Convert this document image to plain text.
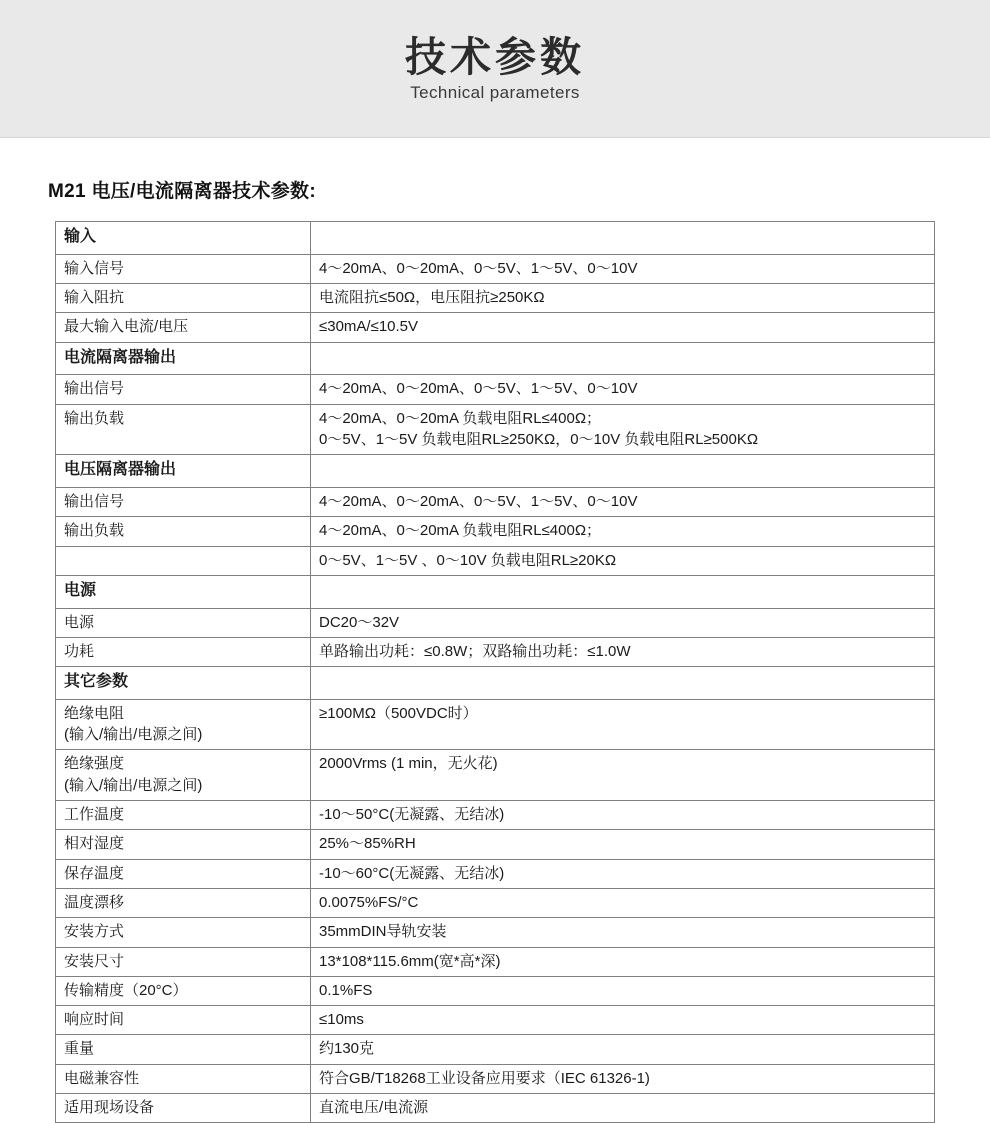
技术参数
Technical parameters
M21 电压/电流隔离器技术参数:
输入	

输入信号	4～20mA、0～20mA、0～5V、1～5V、0～10V

输入阻抗	电流阻抗≤50Ω，电压阻抗≥250KΩ

最大输入电流/电压	≤30mA/≤10.5V

电流隔离器输出	

输出信号	4～20mA、0～20mA、0～5V、1～5V、0～10V

输出负载	4～20mA、0～20mA 负载电阻RL≤400Ω；
0～5V、1～5V 负载电阻RL≥250KΩ，0～10V 负载电阻RL≥500KΩ

电压隔离器输出	

输出信号	4～20mA、0～20mA、0～5V、1～5V、0～10V

输出负载	4～20mA、0～20mA 负载电阻RL≤400Ω；

	0～5V、1～5V 、0～10V 负载电阻RL≥20KΩ

电源	

电源	DC20～32V

功耗	单路输出功耗：≤0.8W；双路输出功耗：≤1.0W

其它参数	

绝缘电阻
(输入/输出/电源之间)	≥100MΩ（500VDC时）

绝缘强度
(输入/输出/电源之间)	2000Vrms (1 min，无火花)

工作温度	-10～50°C(无凝露、无结冰)

相对湿度	25%～85%RH

保存温度	-10～60°C(无凝露、无结冰)

温度漂移	0.0075%FS/°C

安装方式	35mmDIN导轨安装

安装尺寸	13*108*115.6mm(宽*高*深)

传输精度（20°C）	0.1%FS

响应时间	≤10ms

重量	约130克

电磁兼容性	符合GB/T18268工业设备应用要求（IEC 61326-1)

适用现场设备	直流电压/电流源
